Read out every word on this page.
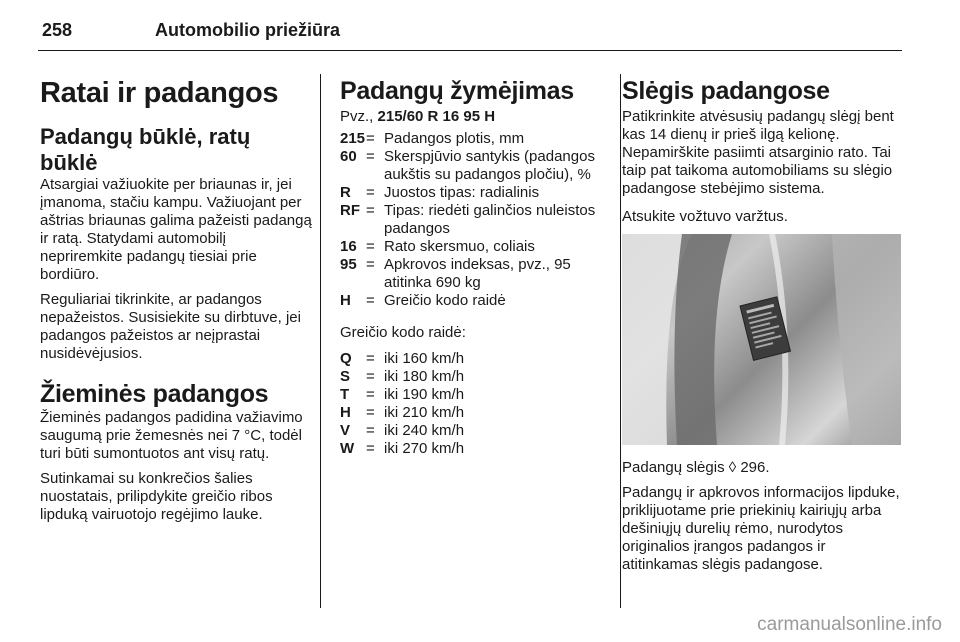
258	Automobilio priežiūra
Ratai ir padangos
Padangų būklė, ratų būklė

Atsargiai važiuokite per briaunas ir, jei įmanoma, stačiu kampu. Važiuojant per aštrias briaunas galima pažeisti padangą ir ratą. Statydami automobilį nepriremkite padangų tiesiai prie bordiūro.

Reguliariai tikrinkite, ar padangos nepažeistos. Susisiekite su dirbtuve, jei padangos pažeistos ar neįprastai nusidėvėjusios.

Žieminės padangos

Žieminės padangos padidina važiavimo saugumą prie žemesnės nei 7 °C, todėl turi būti sumontuotos ant visų ratų.

Sutinkamai su konkrečios šalies nuostatais, prilipdykite greičio ribos lipduką vairuotojo regėjimo lauke.

Padangų žymėjimas

Pvz., 215/60 R 16 95 H

215 = Padangos plotis, mm
60 = Skerspjūvio santykis (padangos aukštis su padangos pločiu), %
R	= Juostos tipas: radialinis
RF = Tipas: riedėti galinčios nuleistos padangos
16 = Rato skersmuo, coliais
95 = Apkrovos indeksas, pvz., 95 atitinka 690 kg
H	= Greičio kodo raidė

Greičio kodo raidė:

Q = iki 160 km/h
S	= iki 180 km/h
T	= iki 190 km/h
H	= iki 210 km/h
V	= iki 240 km/h
W = iki 270 km/h
Slėgis padangose

Patikrinkite atvėsusių padangų slėgį bent kas 14 dienų ir prieš ilgą kelionę. Nepamirškite pasiimti atsarginio rato. Tai taip pat taikoma automobiliams su slėgio padangose stebėjimo sistema.

Atsukite vožtuvo varžtus.

Padangų slėgis ◊ 296.

Padangų ir apkrovos informacijos lipduke, priklijuotame prie priekinių kairiųjų arba dešiniųjų durelių rėmo, nurodytos originalios įrangos padangos ir atitinkamas slėgis padangose.

carmanualsonline.info
